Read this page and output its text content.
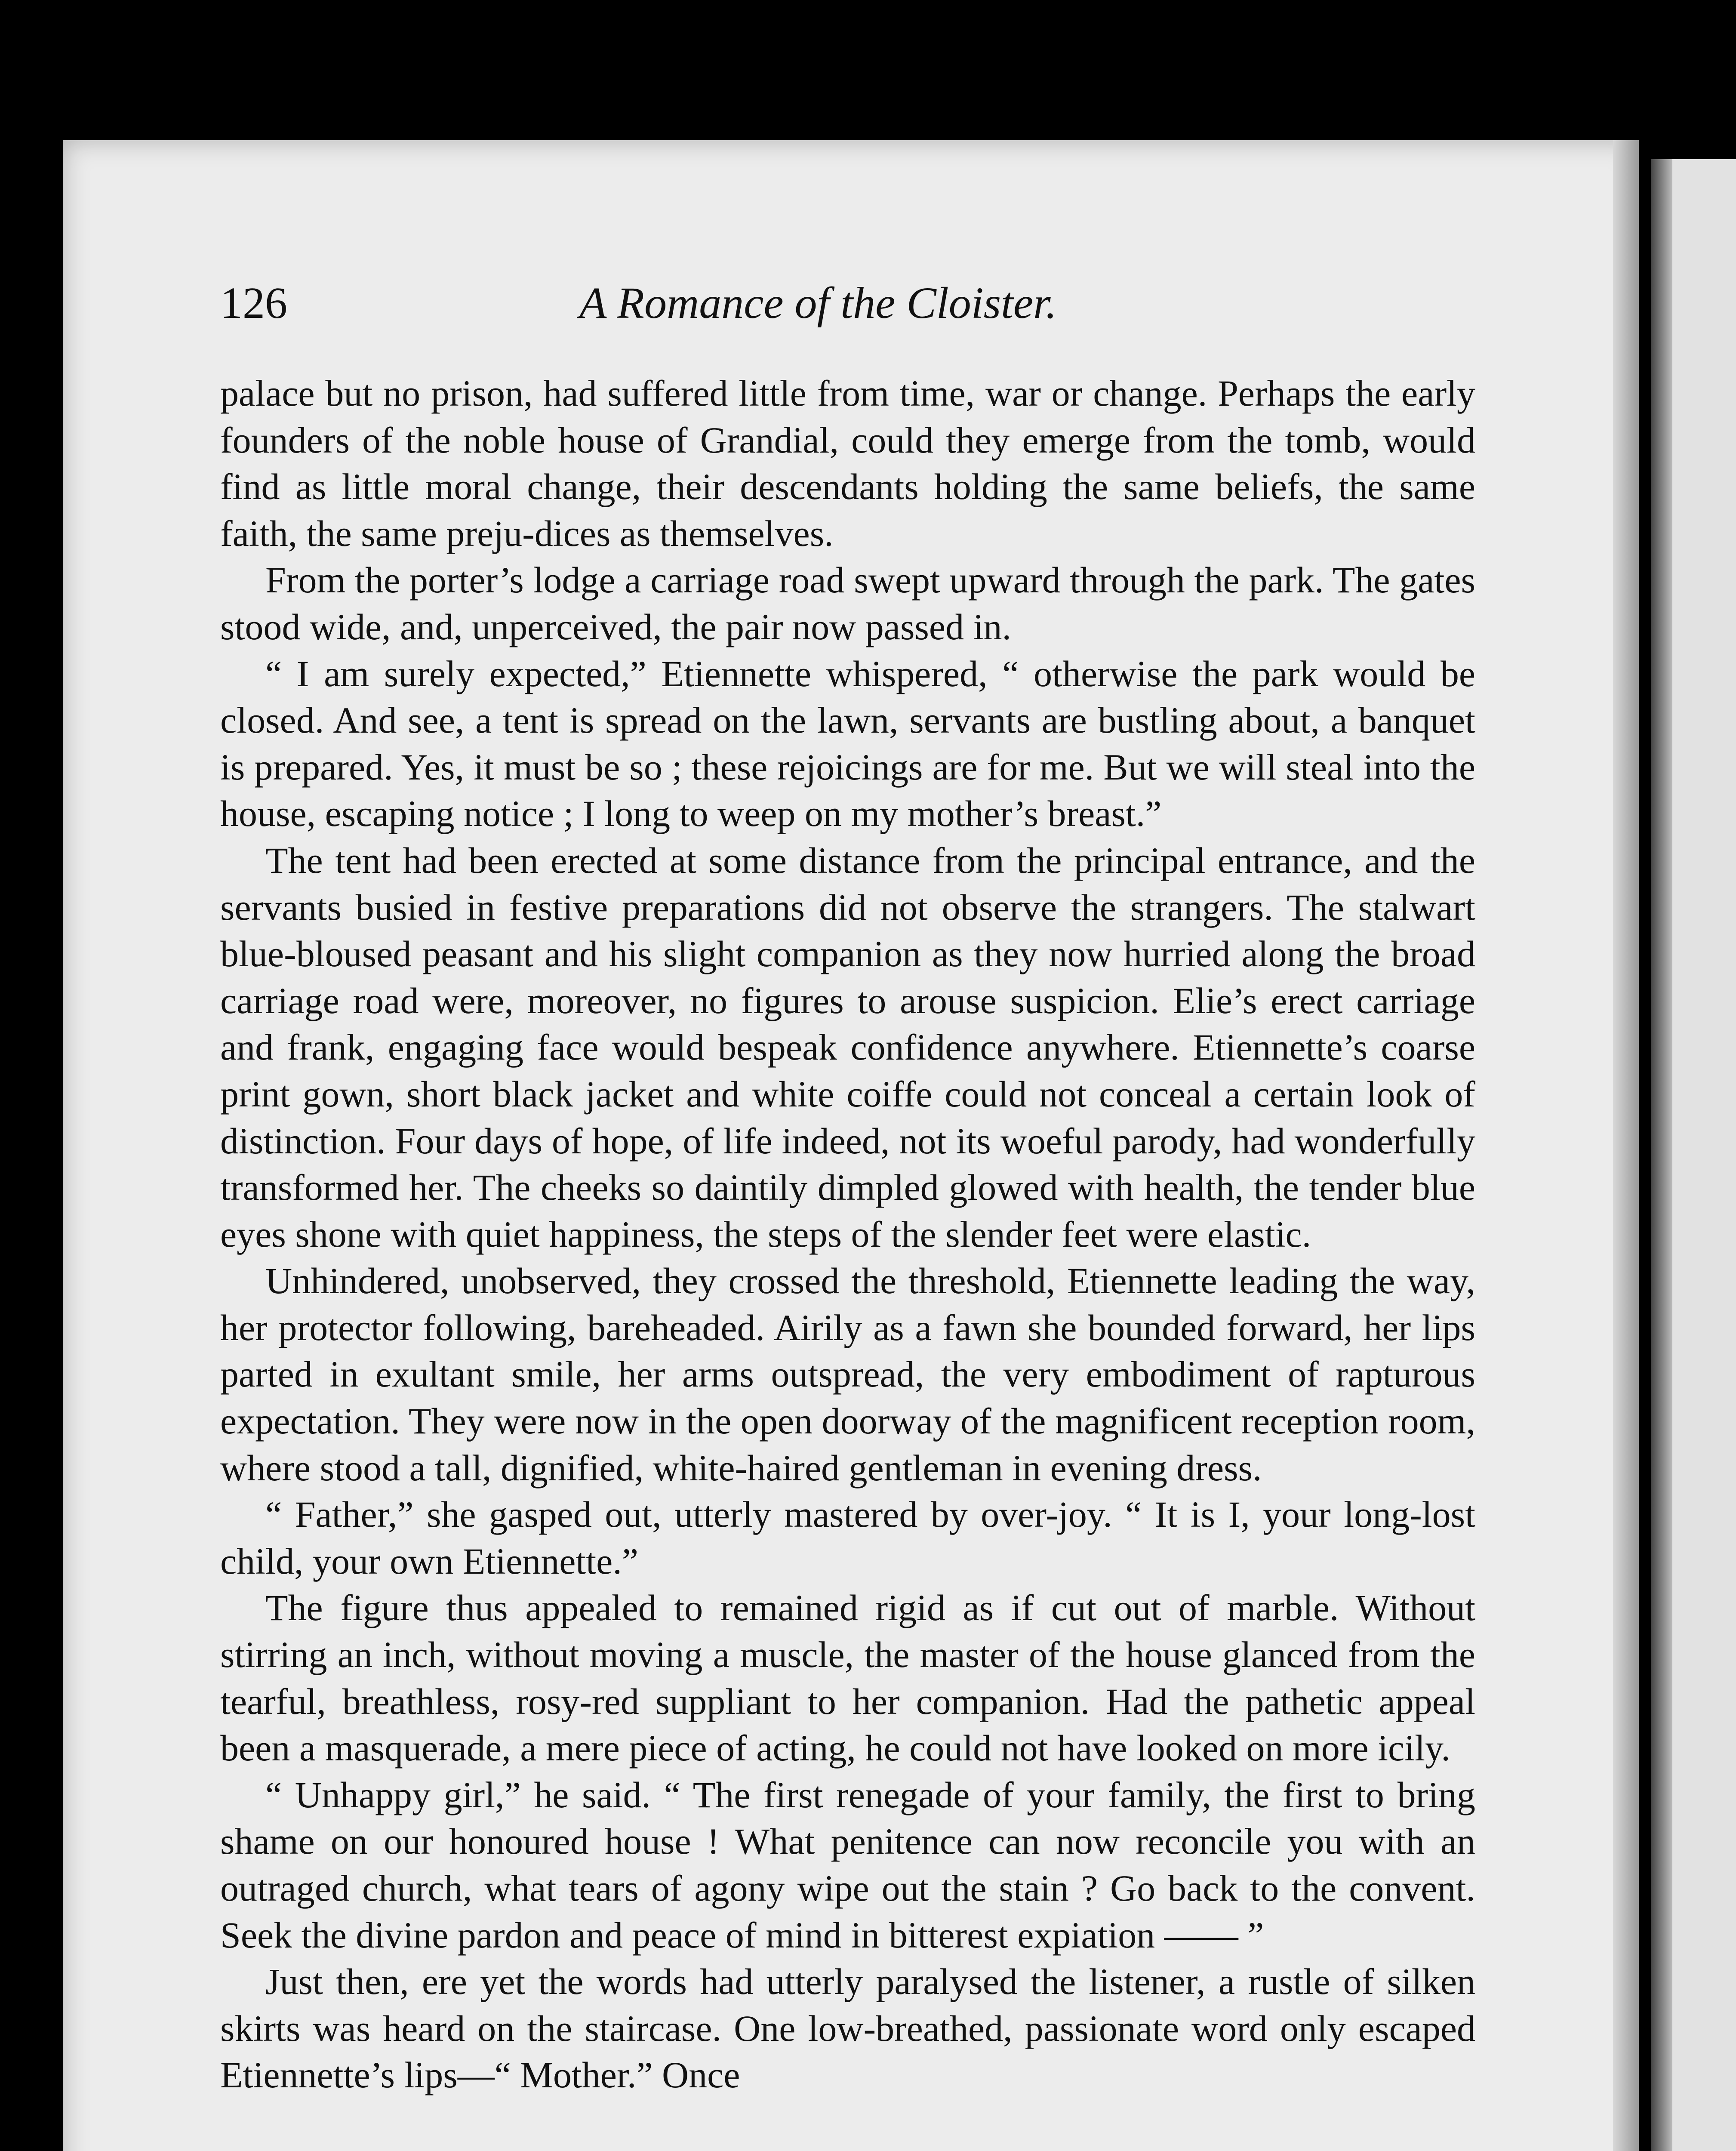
126	A Romance of the Cloister.

palace but no prison, had suffered little from time, war or change. Perhaps the early founders of the noble house of Grandial, could they emerge from the tomb, would find as little moral change, their descendants holding the same beliefs, the same faith, the same preju-dices as themselves.

From the porter’s lodge a carriage road swept upward through the park. The gates stood wide, and, unperceived, the pair now passed in.

“ I am surely expected,” Etiennette whispered, “ otherwise the park would be closed. And see, a tent is spread on the lawn, servants are bustling about, a banquet is prepared. Yes, it must be so ; these rejoicings are for me. But we will steal into the house, escaping notice ; I long to weep on my mother’s breast.”

The tent had been erected at some distance from the principal entrance, and the servants busied in festive preparations did not observe the strangers. The stalwart blue-bloused peasant and his slight companion as they now hurried along the broad carriage road were, moreover, no figures to arouse suspicion. Elie’s erect carriage and frank, engaging face would bespeak confidence anywhere. Etiennette’s coarse print gown, short black jacket and white coiffe could not conceal a certain look of distinction. Four days of hope, of life indeed, not its woeful parody, had wonderfully transformed her. The cheeks so daintily dimpled glowed with health, the tender blue eyes shone with quiet happiness, the steps of the slender feet were elastic.

Unhindered, unobserved, they crossed the threshold, Etiennette leading the way, her protector following, bareheaded. Airily as a fawn she bounded forward, her lips parted in exultant smile, her arms outspread, the very embodiment of rapturous expectation. They were now in the open doorway of the magnificent reception room, where stood a tall, dignified, white-haired gentleman in evening dress.

“ Father,” she gasped out, utterly mastered by over-joy. “ It is I, your long-lost child, your own Etiennette.”

The figure thus appealed to remained rigid as if cut out of marble. Without stirring an inch, without moving a muscle, the master of the house glanced from the tearful, breathless, rosy-red suppliant to her companion. Had the pathetic appeal been a masquerade, a mere piece of acting, he could not have looked on more icily.

“ Unhappy girl,” he said. “ The first renegade of your family, the first to bring shame on our honoured house ! What penitence can now reconcile you with an outraged church, what tears of agony wipe out the stain ? Go back to the convent. Seek the divine pardon and peace of mind in bitterest expiation —— ”

Just then, ere yet the words had utterly paralysed the listener, a rustle of silken skirts was heard on the staircase. One low-breathed, passionate word only escaped Etiennette’s lips—“ Mother.” Once
